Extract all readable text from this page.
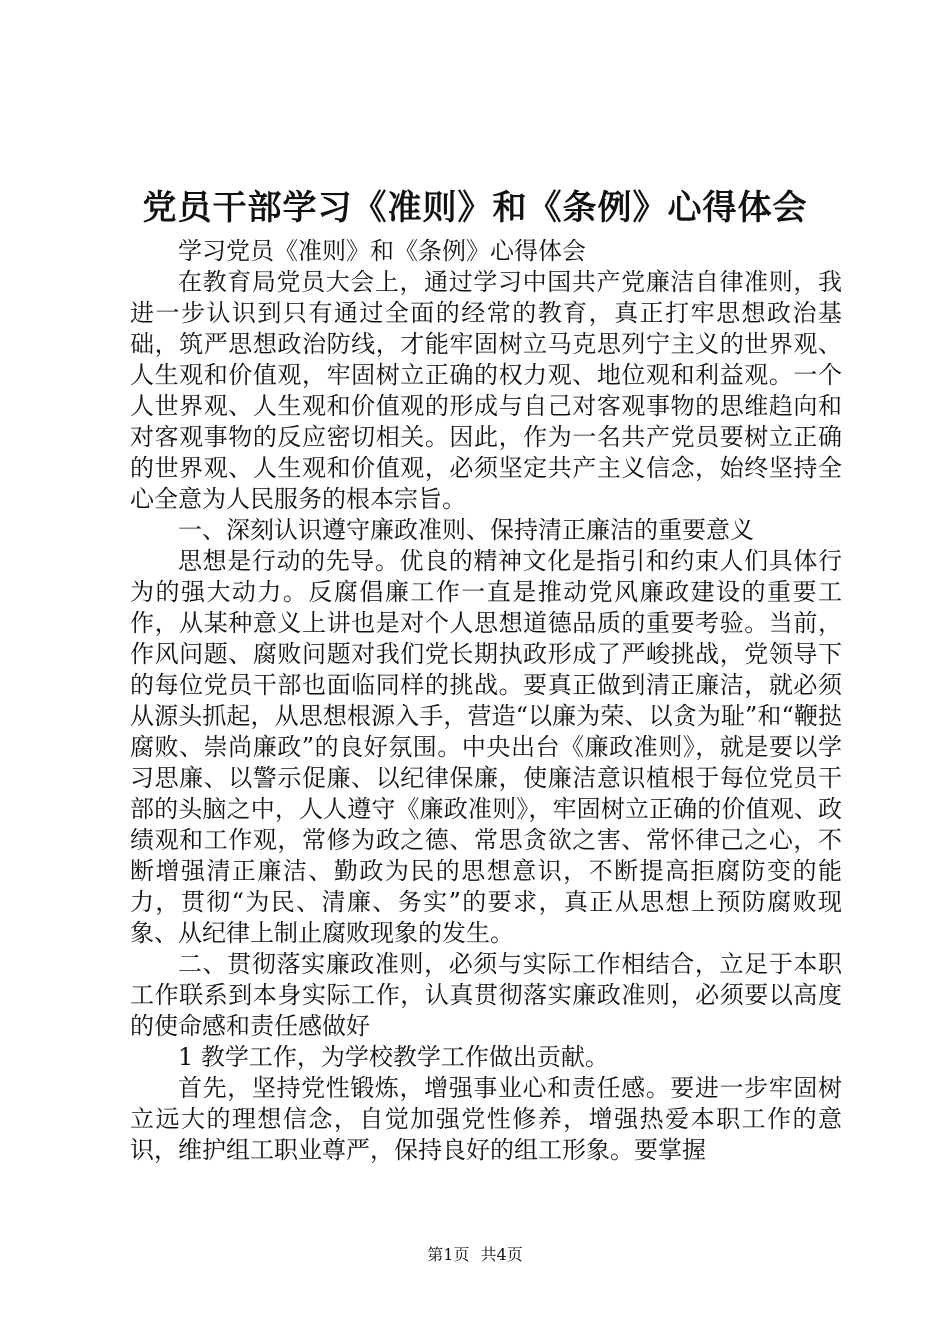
党员干部学习《准则》和《条例》心得体会

学习党员《准则》和《条例》心得体会

在教育局党员大会上，通过学习中国共产党廉洁自律准则，我进一步认识到只有通过全面的经常的教育，真正打牢思想政治基础，筑严思想政治防线，才能牢固树立马克思列宁主义的世界观、人生观和价值观，牢固树立正确的权力观、地位观和利益观。一个人世界观、人生观和价值观的形成与自己对客观事物的思维趋向和对客观事物的反应密切相关。因此，作为一名共产党员要树立正确的世界观、人生观和价值观，必须坚定共产主义信念，始终坚持全心全意为人民服务的根本宗旨。

一、深刻认识遵守廉政准则、保持清正廉洁的重要意义

思想是行动的先导。优良的精神文化是指引和约束人们具体行为的强大动力。反腐倡廉工作一直是推动党风廉政建设的重要工作，从某种意义上讲也是对个人思想道德品质的重要考验。当前，作风问题、腐败问题对我们党长期执政形成了严峻挑战，党领导下的每位党员干部也面临同样的挑战。要真正做到清正廉洁，就必须从源头抓起，从思想根源入手，营造“以廉为荣、以贪为耻”和“鞭挞腐败、崇尚廉政”的良好氛围。中央出台《廉政准则》，就是要以学习思廉、以警示促廉、以纪律保廉，使廉洁意识植根于每位党员干部的头脑之中，人人遵守《廉政准则》，牢固树立正确的价值观、政绩观和工作观，常修为政之德、常思贪欲之害、常怀律己之心，不断增强清正廉洁、勤政为民的思想意识，不断提高拒腐防变的能力，贯彻“为民、清廉、务实”的要求，真正从思想上预防腐败现象、从纪律上制止腐败现象的发生。

二、贯彻落实廉政准则，必须与实际工作相结合，立足于本职工作联系到本身实际工作，认真贯彻落实廉政准则，必须要以高度的使命感和责任感做好

1 教学工作，为学校教学工作做出贡献。

首先，坚持党性锻炼，增强事业心和责任感。要进一步牢固树立远大的理想信念，自觉加强党性修养，增强热爱本职工作的意识，维护组工职业尊严，保持良好的组工形象。要掌握

第1页 共4页
